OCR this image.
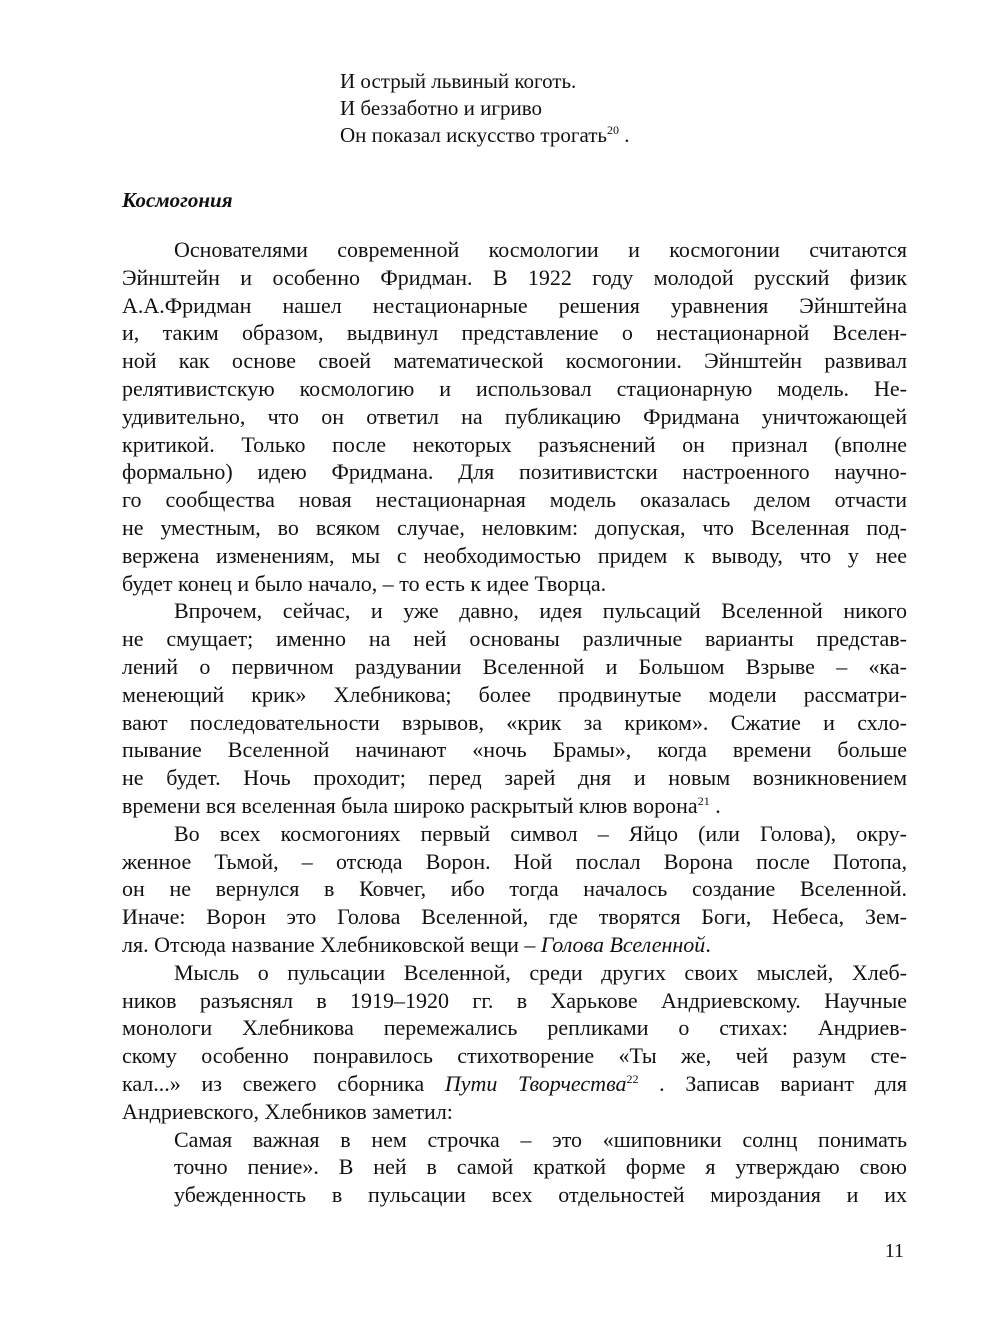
И острый львиный коготь.
И беззаботно и игриво
Он показал искусство трогать$^{20}$ .
Космогония
Основателями современной космологии и космогонии считаются
Эйнштейн и особенно Фридман. В 1922 году молодой русский физик
А.А.Фридман нашел нестационарные решения уравнения Эйнштейна
и, таким образом, выдвинул представление о нестационарной Вселен-
ной как основе своей математической космогонии. Эйнштейн развивал
релятивистскую космологию и использовал стационарную модель. Не-
удивительно, что он ответил на публикацию Фридмана уничтожающей
критикой. Только после некоторых разъяснений он признал (вполне
формально) идею Фридмана. Для позитивистски настроенного научно-
го сообщества новая нестационарная модель оказалась делом отчасти
не уместным, во всяком случае, неловким: допуская, что Вселенная под-
вержена изменениям, мы с необходимостью придем к выводу, что у нее
будет конец и было начало, – то есть к идее Творца.
Впрочем, сейчас, и уже давно, идея пульсаций Вселенной никого
не смущает; именно на ней основаны различные варианты представ-
лений о первичном раздувании Вселенной и Большом Взрыве – «ка-
менеющий крик» Хлебникова; более продвинутые модели рассматри-
вают последовательности взрывов, «крик за криком». Сжатие и схло-
пывание Вселенной начинают «ночь Брамы», когда времени больше
не будет. Ночь проходит; перед зарей дня и новым возникновением
времени вся вселенная была широко раскрытый клюв ворона$^{21}$ .
Во всех космогониях первый символ – Яйцо (или Голова), окру-
женное Тьмой, – отсюда Ворон. Ной послал Ворона после Потопа,
он не вернулся в Ковчег, ибо тогда началось создание Вселенной.
Иначе: Ворон это Голова Вселенной, где творятся Боги, Небеса, Зем-
ля. Отсюда название Хлебниковской вещи – Голова Вселенной.
Мысль о пульсации Вселенной, среди других своих мыслей, Хлеб-
ников разъяснял в 1919–1920 гг. в Харькове Андриевскому. Научные
монологи Хлебникова перемежались репликами о стихах: Андриев-
скому особенно понравилось стихотворение «Ты же, чей разум сте-
кал...» из свежего сборника Пути Творчества$^{22}$ . Записав вариант для
Андриевского, Хлебников заметил:
Самая важная в нем строчка – это «шиповники солнц понимать
точно пение». В ней в самой краткой форме я утверждаю свою
убежденность в пульсации всех отдельностей мироздания и их
11
